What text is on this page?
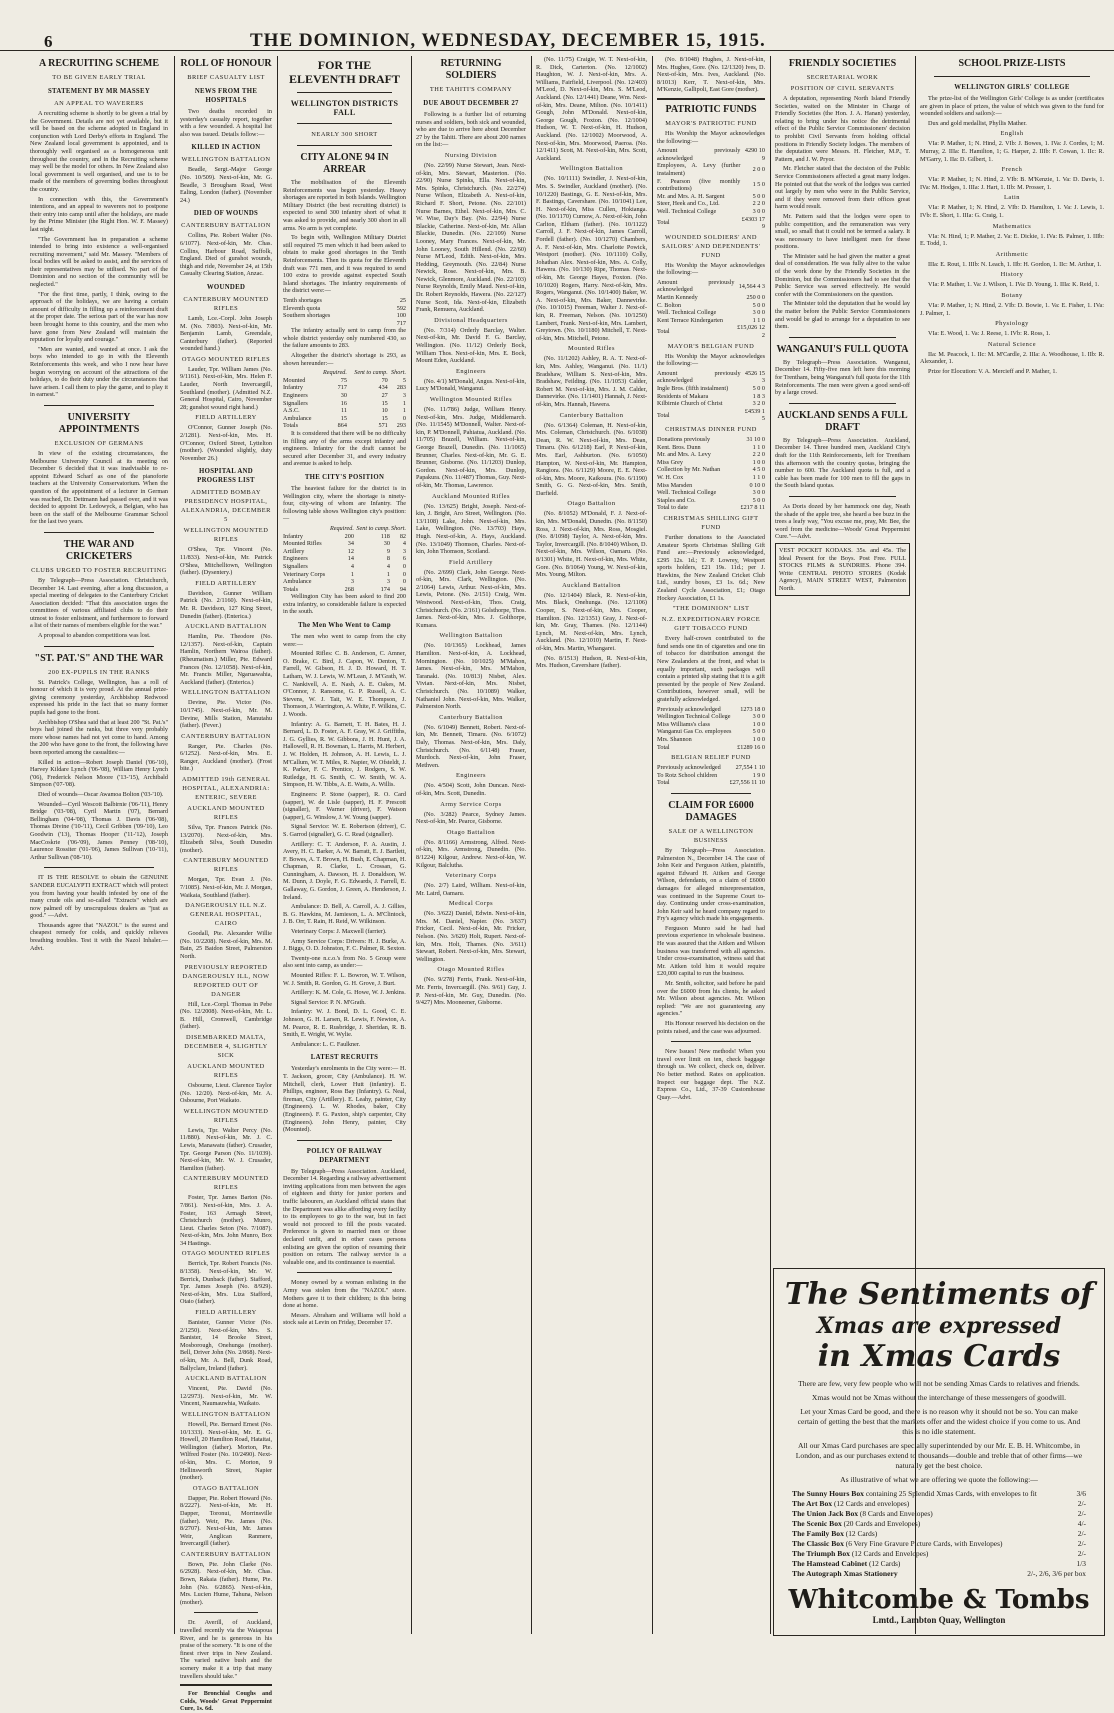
6	THE DOMINION, WEDNESDAY, DECEMBER 15, 1915.
A RECRUITING SCHEME
TO BE GIVEN EARLY TRIAL
STATEMENT BY MR MASSEY
AN APPEAL TO WAVERERS

A recruiting scheme is shortly to be given a trial by the Government. Details are not yet available, but it will be based on the scheme adopted in England in conjunction with Lord Derby's efforts in England. The New Zealand local government is appointed, and is thoroughly well organised as a homogeneous unit throughout the country, and in the Recruiting scheme may well be the model for others. In New Zealand also local government is well organised, and use is to be made of the members of governing bodies throughout the country.

In connection with this, the Government's intentions, and an appeal to waverers not to postpone their entry into camp until after the holidays, are made by the Prime Minister (the Right Hon. W. F. Massey) last night.

"The Government has in preparation a scheme intended to bring into existence a well-organised recruiting movement," said Mr. Massey. "Members of local bodies will be asked to assist, and the services of their representatives may be utilised. No part of the Dominion and no section of the community will be neglected."

"For the first time, partly, I think, owing to the approach of the holidays, we are having a certain amount of difficulty in filling up a reinforcement draft at the proper date. The serious part of the war has now been brought home to this country, and the men who have gone from New Zealand will maintain the reputation for loyalty and courage."

"Men are wanted, and wanted at once. I ask the boys who intended to go in with the Eleventh Reinforcements this week, and who I now hear have begun worrying on account of the attractions of the holidays, to do their duty under the circumstances that have arisen. I call them to play the game, and to play it in earnest."

UNIVERSITY APPOINTMENTS
EXCLUSION OF GERMANS

In view of the existing circumstances, the Melbourne University Council at its meeting on December 6 decided that it was inadvisable to re-appoint Edward Scharf as one of the pianoforte teachers at the University Conservatorium. When the question of the appointment of a lecturer in German was reached, Dr. Dettmann had passed over, and it was decided to appoint Dr. Ledowyck, a Belgian, who has been on the staff of the Melbourne Grammar School for the last two years.

THE WAR AND CRICKETERS
CLUBS URGED TO FOSTER RECRUITING

By Telegraph—Press Association. Christchurch, December 14. Last evening, after a long discussion, a special meeting of delegates to the Canterbury Cricket Association decided: "That this association urges the committees of various affiliated clubs to do their utmost to foster enlistment, and furthermore to forward a list of their names of members eligible for the war."

A proposal to abandon competitions was lost.

"ST. PAT.'S" AND THE WAR
200 EX-PUPILS IN THE RANKS

St. Patrick's College, Wellington, has a roll of honour of which it is very proud. At the annual prize-giving ceremony yesterday, Archbishop Redwood expressed his pride in the fact that so many former pupils had gone to the front.

Archbishop O'Shea said that at least 200 "St. Pat.'s" boys had joined the ranks, but three very probably more whose names had not yet come to hand. Among the 200 who have gone to the front, the following have been reported among the casualties:—

Killed in action—Robert Joseph Daniel ('06-'10), Harvey Kildare Lynch ('06-'08), William Henry Lynch ('06), Frederick Nelson Moore ('13-'15), Archibald Simpson ('07-'08).

Died of wounds—Oscar Awamoa Bolton ('03-'10).

Wounded—Cyril Wescott Balbirnie ('06-'11), Henry Bridge ('03-'08), Cyril Martin ('07), Bernard Bellingham ('04-'08), Thomas J. Davis ('06-'08), Thomas Divine ('10-'11), Cecil Gribben ('09-'10), Leo Goodwin ('13), Thomas Hooper ('11-'12), Joseph MacCoskrie ('06-'09), James Penney ('08-'10), Laurence Rossiter ('01-'06), James Sullivan ('10-'11), Arthur Sullivan ('08-'10).

IT IS THE RESOLVE to obtain the GENUINE SANDER EUCALYPTI EXTRACT which will protect you from having your health infested by one of the many crude oils and so-called "Extracts" which are now palmed off by unscrupulous dealers as "just as good." —Advt.

Thousands agree that "NAZOL" is the surest and cheapest remedy for colds, and quickly relieves breathing troubles. Test it with the Nazol Inhaler.—Advt.

ROLL OF HONOUR
BRIEF CASUALTY LIST
NEWS FROM THE HOSPITALS

Two deaths recorded in yesterday's casualty report, together with a few wounded. A hospital list also was issued. Details follow:—

KILLED IN ACTION
WELLINGTON BATTALION

Beadle, Sergt.-Major George (No. 10/509). Next-of-kin, Mr. G. Beadle, 3 Brougham Road, West Ealing, London (father). (November 24.)

DIED OF WOUNDS
CANTERBURY BATTALION

Collins, Pte. Robert Walter (No. 6/1077). Next-of-kin, Mr. Chas. Collins, Harbour Road, Suffolk, England. Died of gunshot wounds, thigh and ride, November 24, at 15th Casualty Clearing Station, Anzac.

WOUNDED
CANTERBURY MOUNTED RIFLES

Lamb, Lce.-Corpl. John Joseph M. (No. 7/803). Next-of-kin, Mr. Benjamin Lamb, Greendale, Canterbury (father). (Reported wounded hand.)

OTAGO MOUNTED RIFLES

Lauder, Tpr. William James (No. 9/1161). Next-of-kin, Mrs. Helen F. Lauder, North Invercargill, Southland (mother). (Admitted N.Z. General Hospital, Cairo, November 28; gunshot wound right hand.)

FIELD ARTILLERY

O'Connor, Gunner Joseph (No. 2/1281). Next-of-kin, Mrs. H. O'Connor, Oxford Street, Lyttelton (mother). (Wounded slightly, duty November 26.)

HOSPITAL AND PROGRESS LIST
ADMITTED BOMBAY PRESIDENCY HOSPITAL, ALEXANDRIA, DECEMBER 5
WELLINGTON MOUNTED RIFLES

O'Shea, Tpr. Vincent (No. 11/833). Next-of-kin, Mr. Patrick O'Shea, Mitchelltown, Wellington (father). (Dysentery.)

FIELD ARTILLERY

Davidson, Gunner William Patrick (No. 2/1160). Next-of-kin, Mr. R. Davidson, 127 King Street, Dunedin (father). (Enterica.)

AUCKLAND BATTALION

Hamlin, Pte. Theodore (No. 12/1357). Next-of-kin, Captain Hamlin, Northern Wairoa (father). (Rheumatism.) Miller, Pte. Edward Frances (No. 12/1058). Next-of-kin, Mr. Francis Miller, Ngaruawahia, Auckland (father). (Enterica.)

WELLINGTON BATTALION

Devine, Pte. Victor (No. 10/1745). Next-of-kin, Mr. M. Devine, Mills Station, Manutahu (father). (Fever.)

CANTERBURY BATTALION

Ranger, Pte. Charles (No. 6/1252). Next-of-kin, Mrs. E. Ranger, Auckland (mother). (Frost bite.)

ADMITTED 19th GENERAL HOSPITAL, ALEXANDRIA: ENTERIC, SEVERE
AUCKLAND MOUNTED RIFLES

Silva, Tpr. Frances Patrick (No. 13/2070). Next-of-kin, Mrs. Elizabeth Silva, South Dunedin (mother).

CANTERBURY MOUNTED RIFLES

Morgan, Tpr. Evan J. (No. 7/1085). Next-of-kin, Mr. J. Morgan, Waikaia, Southland (father).

DANGEROUSLY ILL N.Z. GENERAL HOSPITAL, CAIRO

Goodall, Pte. Alexander Willie (No. 10/2208). Next-of-kin, Mrs. M. Bain, 25 Baidon Street, Palmerston North.

PREVIOUSLY REPORTED DANGEROUSLY ILL, NOW REPORTED OUT OF DANGER

Hill, Lce.-Corpl. Thomas in Pebe (No. 12/2008). Next-of-kin, Mr. L. B. Hill, Cromwell, Cambridge (father).

DISEMBARKED MALTA, DECEMBER 4, SLIGHTLY SICK
AUCKLAND MOUNTED RIFLES

Osbourne, Lieut. Clarence Taylor (No. 12/20). Next-of-kin, Mr. A. Osbourne, Port Waikato.

WELLINGTON MOUNTED RIFLES

Lewis, Tpr. Walter Percy (No. 11/880). Next-of-kin, Mr. J. C. Lewis, Manawatu (father). Crusader, Tpr. George Parson (No. 11/1039). Next-of-kin, Mr. W. J. Crusader, Hamilton (father).

CANTERBURY MOUNTED RIFLES

Foster, Tpr. James Barton (No. 7/861). Next-of-kin, Mrs. J. A. Foster, 163 Armagh Street, Christchurch (mother). Munro, Lieut. Charles Seton (No. 7/1087). Next-of-kin, Mrs. John Munro, Box 34 Hastings.

OTAGO MOUNTED RIFLES

Berrick, Tpr. Robert Francis (No. 8/1358). Next-of-kin, Mr. W. Berrick, Dunback (father). Stafford, Tpr. James Joseph (No. 8/929). Next-of-kin, Mrs. Liza Stafford, Otaio (father).

FIELD ARTILLERY

Banister, Gunner Victor (No. 2/1250). Next-of-kin, Mrs. S. Banister, 14 Brooke Street, Mosborough, Onehunga (mother). Bell, Driver John (No. 2/868). Next-of-kin, Mr. A. Bell, Dunk Road, Ballyclare, Ireland (father).

AUCKLAND BATTALION

Vincent, Pte. David (No. 12/2973). Next-of-kin, Mr. W. Vincent, Naumauwhia, Waikato.

WELLINGTON BATTALION

Howell, Pte. Bernard Ernest (No. 10/1333). Next-of-kin, Mr. E. G. Howell, 20 Hamilton Road, Hataitai, Wellington (father). Morton, Pte. Wilfred Foster (No. 10/2490). Next-of-kin, Mrs. C. Morton, 9 Hellinsworth Street, Napier (mother).

OTAGO BATTALION

Dapper, Pte. Robert Howard (No. 8/2227). Next-of-kin, Mr. H. Dapper, Toronui, Morrinsville (father). Weir, Pte. James (No. 8/2707). Next-of-kin, Mr. James Weir, Anglican Ranmere, Invercargill (father).

CANTERBURY BATTALION

Bown, Pte. John Clarke (No. 6/2928). Next-of-kin, Mr. Chas. Bown, Rakaia (father). Hume, Pte. John (No. 6/2865). Next-of-kin, Mrs. Lucien Hume, Tahuna, Nelson (mother).

Dr. Averill, of Auckland, travelled recently via the Waiapoua River, and he is generous in his praise of the scenery. "It is one of the finest river trips in New Zealand. The varied native bush and the scenery make it a trip that many travellers should take."

For Bronchial Coughs and Colds, Woods' Great Peppermint Cure, 1s. 6d.

FOR THE ELEVENTH DRAFT
WELLINGTON DISTRICTS FALL
NEARLY 300 SHORT
CITY ALONE 94 IN ARREAR

The mobilisation of the Eleventh Reinforcements was begun yesterday. Heavy shortages are reported in both Islands. Wellington Military District (the best recruiting district) is expected to send 300 infantry short of what it was asked to provide, and nearly 300 short in all arms. No arm is yet complete.

To begin with, Wellington Military District still required 75 men which it had been asked to obtain to make good shortages in the Tenth Reinforcements. Then its quota for the Eleventh draft was 771 men, and it was required to send 100 extra to provide against expected South Island shortages. The infantry requirements of the district were:—

Tenth shortages	25
Eleventh quota	592
Southern shortages	100
	717

The infantry actually sent to camp from the whole district yesterday only numbered 430, so the failure amounts to 283.

Altogether the district's shortage is 293, as shown hereunder:—

	Required.	Sent to camp.	Short.
Mounted	75	70	5
Infantry	717	434	283
Engineers	30	27	3
Signallers	16	15	1
A.S.C.	11	10	1
Ambulance	15	15	0
Totals	864	571	293

It is considered that there will be no difficulty in filling any of the arms except infantry and engineers. Infantry for the draft cannot be secured after December 31, and every industry and avenue is asked to help.

THE CITY'S POSITION

The heaviest failure for the district is in Wellington city, where the shortage is ninety-four, city-wing of whom are Infantry. The following table shows Wellington city's position:—

	Required.	Sent to camp.	Short.
Infantry	200	118	82
Mounted Rifles	34	30	4
Artillery	12	9	3
Engineers	14	8	6
Signallers	4	4	0
Veterinary Corps	1	1	0
Ambulance	3	3	0
Totals	268	174	94

Wellington City has been asked to find 200 extra infantry, so considerable failure is expected in the south.

The Men Who Went to Camp

The men who went to camp from the city were:—

Mounted Rifles: C. B. Anderson, C. Amner, O. Brake, C. Bird, J. Capon, W. Denton, T. Farrell, W. Gibson, H. J. D. Howard, H. T. Latham, W. J. Lewis, W. M'Lean, J. M'Grath, W. C. Nankivell, A. E. Nash, A. E. Oakes, M. O'Connor, J. Ransome, G. P. Russell, A. C. Stevens, W. J. Tait, W. E. Thompson, J. Thomson, J. Warrington, A. White, F. Wilkins, C. J. Woods.

Infantry: A. G. Barnett, T. H. Bates, H. J. Bernard, L. D. Foster, A. F. Gray, W. J. Griffiths, J. G. Gyllies, R. W. Gibbons, J. H. Hunt, J. A. Hallowell, R. H. Bowman, L. Harris, M. Herbert, J. W. Holden, H. Johnson, A. H. Lewis, L. J. M'Callum, W. T. Miles, R. Napier, W. Ofsteldt, J. K. Parker, F. C. Prentice, J. Rodgers, S. W. Rutledge, H. G. Smith, C. W. Smith, W. A. Simpson, H. W. Tibbs, A. E. Watts, A. Willis.

Engineers: P. Stone (sapper), R. O. Card (sapper), W. de Lisle (sapper), H. F. Prescott (signaller), F. Warner (driver), F. Watson (sapper), G. Winslow, J. W. Young (sapper).

Signal Service: W. E. Robertson (driver), C. S. Garrod (signaller), G. C. Read (signaller).

Artillery: C. T. Anderson, F. A. Austin, J. Avery, H. C. Barker, A. W. Barratt, E. J. Bartlett, F. Bowes, A. T. Brown, H. Bush, E. Chapman, H. Chapman, R. Clarke, L. Crossan, G. Cunningham, A. Dawson, H. J. Donaldson, W. M. Dunn, J. Doyle, F. G. Edwards, J. Farrell, E. Gallaway, G. Gordon, J. Green, A. Henderson, J. Ireland.

Ambulance: D. Bell, A. Carroll, A. J. Gillies, B. G. Hawkins, M. Jamieson, L. A. M'Clintock, J. B. Orr, T. Rain, H. Reid, W. Wilkinson.

Veterinary Corps: J. Maxwell (farrier).

Army Service Corps: Drivers: H. J. Burke, A. J. Biggs, O. D. Johnston, F. C. Palmer, R. Sexton.

Twenty-one n.c.o.'s from No. 5 Group were also sent into camp, as under:—

Mounted Rifles: F. L. Bowron, W. T. Wilson, W. J. Smith, R. Gordon, G. H. Grove, J. Burt.

Artillery: K. M. Cole, G. Howe, W. J. Jenkins.

Signal Service: P. N. M'Grath.

Infantry: W. J. Bond, D. L. Good, C. E. Johnson, G. H. Larsen, R. Lewis, F. Newton, A. M. Pearce, R. E. Rusbridge, J. Sheridan, R. B. Smith, E. Wright, W. Wylie.

Ambulance: L. C. Faulkner.

LATEST RECRUITS

Yesterday's enrolments in the City were:— H. T. Jackson, grocer, City (Ambulance). H. W. Mitchell, clerk, Lower Hutt (infantry). E. Phillips, engineer, Ross Bay (Infantry). G. Neal, fireman, City (Artillery). E. Leahy, painter, City (Engineers). L. W. Rhodes, baker, City (Engineers). F. G. Paxton, ship's carpenter, City (Engineers). John Henry, painter, City (Mounted).

POLICY OF RAILWAY DEPARTMENT

By Telegraph—Press Association. Auckland, December 14. Regarding a railway advertisement inviting applications from men between the ages of eighteen and thirty for junior porters and traffic labourers, an Auckland official states that the Department was alike affording every facility to its employees to go to the war, but in fact would not proceed to fill the posts vacated. Preference is given to married men or those declared unfit, and in other cases persons enlisting are given the option of resuming their position on return. The railway service is a valuable one, and its continuance is essential.

Money owned by a woman enlisting in the Army was stolen from the "NAZOL" store. Mothers gave it to their children; is this being done at home.

Messrs. Abraham and Williams will hold a stock sale at Levin on Friday, December 17.

RETURNING SOLDIERS
THE TAHITI'S COMPANY
DUE ABOUT DECEMBER 27

Following is a further list of returning nurses and soldiers, both sick and wounded, who are due to arrive here about December 27 by the Tahiti. There are about 200 names on the list:—

Nursing Division

(No. 22/99) Nurse Stewart, Jean. Next-of-kin, Mrs. Stewart, Masterton. (No. 22/90) Nurse Spinks, Ella. Next-of-kin, Mrs. Spinks, Christchurch. (No. 22/274) Nurse Wilson, Elizabeth A. Next-of-kin, Richard F. Short, Petone. (No. 22/101) Nurse Barnes, Ethel. Next-of-kin, Mrs. C. W. Wise, Day's Bay. (No. 22/94) Nurse Blackie, Catherine. Next-of-kin, Mr. Allan Blackie, Dunedin. (No. 22/109) Nurse Looney, Mary Frances. Next-of-kin, Mr. John Looney, South Hillend. (No. 22/60) Nurse M'Leod, Edith. Next-of-kin, Mrs. Hedding, Greymouth. (No. 22/84) Nurse Newick, Rose. Next-of-kin, Mrs. B. Newick, Glenmore, Auckland. (No. 22/103) Nurse Reynolds, Emily Maud. Next-of-kin, Dr. Robert Reynolds, Hawera. (No. 22/127) Nurse Scott, Ida. Next-of-kin, Elizabeth Frank, Remuera, Auckland.

Divisional Headquarters

(No. 7/314) Orderly Barclay, Walter. Next-of-kin, Mr. David F. G. Barclay, Wellington. (No. 11/12) Orderly Bock, William Thos. Next-of-kin, Mrs. E. Bock, Mount Eden, Auckland.

Engineers

(No. 4/1) M'Donald, Angus. Next-of-kin, Lucy M'Donald, Wanganui.

Wellington Mounted Rifles

(No. 11/786) Judge, William Henry. Next-of-kin, Mrs. Judge, Middlemarch. (No. 11/1545) M'Donnell, Walter. Next-of-kin, P. M'Donnell, Pahiatua, Auckland. (No. 11/705) Brazell, William. Next-of-kin, George Brazell, Dunedin. (No. 11/1065) Brunner, Charles. Next-of-kin, Mr. G. E. Brunner, Gisborne. (No. 11/1203) Dunlop, Gordon. Next-of-kin, Mrs. Dunlop, Papakura. (No. 11/487) Thomas, Guy. Next-of-kin, Mr. Thomas, Lawrence.

Auckland Mounted Rifles

(No. 13/625) Bright, Joseph. Next-of-kin, J. Bright, Aro Street, Wellington. (No. 13/1108) Lake, John. Next-of-kin, Mrs. Lake, Wellington. (No. 13/703) Hays, Hugh. Next-of-kin, A. Hays, Auckland. (No. 13/1049) Thomson, Charles. Next-of-kin, John Thomson, Scotland.

Field Artillery

(No. 2/699) Clark, John George. Next-of-kin, Mrs. Clark, Wellington. (No. 2/1064) Lewis, Arthur. Next-of-kin, Mrs. Lewis, Petone. (No. 2/151) Craig, Wm. Westwood. Next-of-kin, Thos. Craig, Christchurch. (No. 2/161) Golsthorpe, Thos. James. Next-of-kin, Mrs. J. Golthorpe, Kumara.

Wellington Battalion

(No. 10/1365) Lockhead, James Hamilton. Next-of-kin, A. Lockhead, Mornington. (No. 10/1025) M'Mahon, James. Next-of-kin, Mrs. M'Mahon, Taranaki. (No. 10/813) Nisbet, Alex. Vivian. Next-of-kin, Mrs. Nisbet, Christchurch. (No. 10/1089) Walker, Nathaniel John. Next-of-kin, Mrs. Walker, Palmerston North.

Canterbury Battalion

(No. 6/1049) Bennett, Robert. Next-of-kin, Mr. Bennett, Timaru. (No. 6/1072) Daly, Thomas. Next-of-kin, Mrs. Daly, Christchurch. (No. 6/1148) Fraser, Murdoch. Next-of-kin, John Fraser, Methven.

Engineers

(No. 4/504) Scott, John Duncan. Next-of-kin, Mrs. Scott, Dunedin.

Army Service Corps

(No. 3/282) Pearce, Sydney James. Next-of-kin, Mr. Pearce, Gisborne.

Otago Battalion

(No. 8/1166) Armstrong, Alfred. Next-of-kin, Mrs. Armstrong, Dunedin. (No. 8/1224) Kilgour, Andrew. Next-of-kin, W. Kilgour, Balclutha.

Veterinary Corps

(No. 2/7) Laird, William. Next-of-kin, Mr. Laird, Oamaru.

Medical Corps

(No. 3/622) Daniel, Edwin. Next-of-kin, Mrs. M. Daniel, Napier. (No. 3/637) Fricker, Cecil. Next-of-kin, Mr. Fricker, Nelson. (No. 3/620) Holt, Rupert. Next-of-kin, Mrs. Holt, Thames. (No. 3/611) Stewart, Robert. Next-of-kin, Mrs. Stewart, Wellington.

Otago Mounted Rifles

(No. 9/278) Ferris, Frank. Next-of-kin, Mr. Ferris, Invercargill. (No. 9/61) Guy, J. P. Next-of-kin, Mr. Guy, Dunedin. (No. 9/427) Mrs. Mooneener, Gisborne.

(No. 11/75) Craigie, W. T. Next-of-kin, R. Dick, Carterton. (No. 12/1002) Haughton, W. J. Next-of-kin, Mrs. A. Williams, Fairfield, Liverpool. (No. 12/403) M'Leod, D. Next-of-kin, Mrs. S. M'Leod, Auckland. (No. 12/1441) Deane, Wm. Next-of-kin, Mrs. Deane, Milton. (No. 10/1411) Gough, John M'Donald. Next-of-kin, George Gough, Foxton. (No. 12/1004) Hudson, W. T. Next-of-kin, H. Hudson, Auckland. (No. 12/1002) Moorwood, A. Next-of-kin, Mrs. Moorwood, Paeroa. (No. 12/1411) Scott, M. Next-of-kin, Mrs. Scott, Auckland.

Wellington Battalion

(No. 10/1111) Swindler, J. Next-of-kin, Mrs. S. Swindler, Auckland (mother). (No. 10/1220) Bastings, G. E. Next-of-kin, Mrs. F. Bastings, Cavershare. (No. 10/1041) Lee, H. Next-of-kin, Miss Cullen, Hokianga. (No. 10/1170) Curnow, A. Next-of-kin, John Carlton, Eltham (father). (No. 10/1122) Carroll, J. F. Next-of-kin, James Carroll, Fordell (father). (No. 10/1270) Chambers, A. F. Next-of-kin, Mrs. Charlotte Powick, Westport (mother). (No. 10/1110) Colly, Johathan Alex. Next-of-kin, Mrs. A. Colly, Hawera. (No. 10/130) Ripe, Thomas. Next-of-kin, Mr. George Hayes, Foxton. (No. 10/1020) Rogers, Harry. Next-of-kin, Mrs. Rogers, Wanganui. (No. 10/1400) Baker, W. A. Next-of-kin, Mrs. Baker, Dannevirke. (No. 10/1015) Freeman, Walter J. Next-of-kin, R. Freeman, Nelson. (No. 10/1250) Lambert, Frank. Next-of-kin, Mrs. Lambert, Greytown. (No. 10/1180) Mitchell, T. Next-of-kin, Mrs. Mitchell, Petone.

Mounted Rifles

(No. 11/1202) Ashley, R. A. T. Next-of-kin, Mrs. Ashley, Wanganui. (No. 11/1) Bradshaw, William S. Next-of-kin, Mrs. Bradshaw, Feilding. (No. 11/1053) Calder, Robert M. Next-of-kin, Mrs. J. M. Calder, Dannevirke. (No. 11/1401) Hannah, J. Next-of-kin, Mrs. Hannah, Hawera.

Canterbury Battalion

(No. 6/1364) Coleman, H. Next-of-kin, Mrs. Coleman, Christchurch. (No. 6/1038) Dean, R. W. Next-of-kin, Mrs. Dean, Timaru. (No. 6/1218) Earl, P. Next-of-kin, Mrs. Earl, Ashburton. (No. 6/1050) Hampton, W. Next-of-kin, Mr. Hampton, Rangiora. (No. 6/1129) Moore, E. E. Next-of-kin, Mrs. Moore, Kaikoura. (No. 6/1190) Smith, G. G. Next-of-kin, Mrs. Smith, Darfield.

Otago Battalion

(No. 8/1052) M'Donald, F. J. Next-of-kin, Mrs. M'Donald, Dunedin. (No. 8/1150) Ross, J. Next-of-kin, Mrs. Ross, Mosgiel. (No. 8/1098) Taylor, A. Next-of-kin, Mrs. Taylor, Invercargill. (No. 8/1040) Wilson, D. Next-of-kin, Mrs. Wilson, Oamaru. (No. 8/1301) White, H. Next-of-kin, Mrs. White, Gore. (No. 8/1064) Young, W. Next-of-kin, Mrs. Young, Milton.

Auckland Battalion

(No. 12/1404) Black, R. Next-of-kin, Mrs. Black, Onehunga. (No. 12/1106) Cooper, S. Next-of-kin, Mrs. Cooper, Hamilton. (No. 12/1351) Gray, J. Next-of-kin, Mr. Gray, Thames. (No. 12/1144) Lynch, M. Next-of-kin, Mrs. Lynch, Auckland. (No. 12/1010) Martin, F. Next-of-kin, Mrs. Martin, Whangarei.

(No. 8/1513) Hudson, R. Next-of-kin, Mrs. Hudson, Cavershare (father).

(No. 8/1048) Hughes, J. Next-of-kin, Mrs. Hughes, Gore. (No. 12/1320) Ives, D. Next-of-kin, Mrs. Ives, Auckland. (No. 8/1013) Kerr, T. Next-of-kin, Mrs. M'Kenzie, Gallipoli, East Gore (mother).

PATRIOTIC FUNDS
MAYOR'S PATRIOTIC FUND

His Worship the Mayor acknowledges the following:—

Amount previously acknowledged	4290 10 9
Employees, A. Levy (further instalment)	2 0 0
F. Pearson (five monthly contributions)	1 5 0
Mr. and Mrs. A. H. Sargent	5 0 0
Steer, Heek and Co., Ltd.	2 2 0
Well. Technical College	3 0 0
Total	£4303 17 9
WOUNDED SOLDIERS' AND SAILORS' AND DEPENDENTS' FUND

His Worship the Mayor acknowledges the following:—

Amount previously acknowledged	14,564 4 3
Martin Kennedy	250 0 0
C. Bolton	5 0 0
Well. Technical College	3 0 0
Kent Terrace Kindergarten	1 1 0
Total	£15,026 12 2
MAYOR'S BELGIAN FUND

His Worship the Mayor acknowledges the following:—

Amount previously acknowledged	4526 15 3
Ingle Bros. (fifth instalment)	5 0 0
Residents of Makara	1 8 3
Kilbirnie Church of Christ	3 2 0
Total	£4539 1 5
CHRISTMAS DINNER FUND
Donations previously	31 10 0
Kent. Bros. Dunn	1 1 0
Mr. and Mrs. A. Levy	2 2 0
Miss Grey	1 0 0
Collection by Mr. Nathan	4 5 0
W. H. Cox	1 1 0
Miss Marsden	0 10 0
Well. Technical College	3 0 0
Staples and Co.	5 0 0
Total to date	£217 8 11
CHRISTMAS SHILLING GIFT FUND

Further donations to the Associated Amateur Sports Christmas Shilling Gift Fund are:—Previously acknowledged, £295 12s. 1d.; T. P. Lowrey, Westport sports holders, £21 19s. 11d.; per J. Hawkins, the New Zealand Cricket Club Ltd., sundry boxes, £3 1s. 6d.; New Zealand Cycle Association, £1; Otago Hockey Association, £1 1s.

"THE DOMINION" LIST
N.Z. EXPEDITIONARY FORCE GIFT TOBACCO FUND

Every half-crown contributed to the fund sends one tin of cigarettes and one tin of tobacco for distribution amongst the New Zealanders at the front, and what is equally important, such packages will contain a printed slip stating that it is a gift presented by the people of New Zealand. Contributions, however small, will be gratefully acknowledged.

Previously acknowledged	1273 18 0
Wellington Technical College	3 0 0
Miss Williams's class	1 0 0
Wanganui Gas Co. employees	5 0 0
Mrs. Shannon	1 0 0
Total	£1289 16 0
BELGIAN RELIEF FUND
Previously acknowledged	27,554 1 10
To Rotz School children	1 9 0
Total	£27,556 11 10
CLAIM FOR £6000 DAMAGES
SALE OF A WELLINGTON BUSINESS

By Telegraph—Press Association. Palmerston N., December 14. The case of John Keir and Ferguson Aitken, plaintiffs, against Edward H. Aitken and George Wilson, defendants, on a claim of £6000 damages for alleged misrepresentation, was continued in the Supreme Court to-day. Continuing under cross-examination, John Keir said he heard company regard to Fry's agency which made his engagements.

Ferguson Munro said he had had previous experience in wholesale business. He was assured that the Aitken and Wilson business was transferred with all agencies. Under cross-examination, witness said that Mr. Aitken told him it would require £20,000 capital to run the business.

Mr. Smith, solicitor, said before he paid over the £6000 from his clients, he asked Mr. Wilson about agencies. Mr. Wilson replied: "We are not guaranteeing any agencies."

His Honour reserved his decision on the points raised, and the case was adjourned.

New Issues! New methods! When you travel over limit on ten, check baggage through us. We collect, check on, deliver. No better method. Rates on application. Inspect our baggage dept. The N.Z. Express Co., Ltd., 37-39 Customhouse Quay.—Advt.

FRIENDLY SOCIETIES
SECRETARIAL WORK
POSITION OF CIVIL SERVANTS

A deputation, representing North Island Friendly Societies, waited on the Minister in Charge of Friendly Societies (the Hon. J. A. Hanan) yesterday, relating to bring under his notice the detrimental effect of the Public Service Commissioners' decision to prohibit Civil Servants from holding official positions in Friendly Society lodges. The members of the deputation were Messrs. H. Fletcher, M.P., T. Pattern, and J. W. Pryor.

Mr. Fletcher stated that the decision of the Public Service Commissioners affected a great many lodges. He pointed out that the work of the lodges was carried out largely by men who were in the Public Service, and if they were removed from their offices great harm would result.

Mr. Pattern said that the lodges were open to public competition, and the remuneration was very small, so small that it could not be termed a salary. It was necessary to have intelligent men for these positions.

The Minister said he had given the matter a great deal of consideration. He was fully alive to the value of the work done by the Friendly Societies in the Dominion, but the Commissioners had to see that the Public Service was served effectively. He would confer with the Commissioners on the question.

The Minister told the deputation that he would lay the matter before the Public Service Commissioners and would be glad to arrange for a deputation to see them.

WANGANUI'S FULL QUOTA

By Telegraph—Press Association. Wanganui, December 14. Fifty-five men left here this morning for Trentham, being Wanganui's full quota for the 11th Reinforcements. The men were given a good send-off by a large crowd.

AUCKLAND SENDS A FULL DRAFT

By Telegraph—Press Association. Auckland, December 14. Three hundred men, Auckland City's draft for the 11th Reinforcements, left for Trentham this afternoon with the country quotas, bringing the number to 600. The Auckland quota is full, and a cable has been made for 100 men to fill the gaps in the South Island quotas.

As Doris dozed by her hammock one day, Neath the shade of the apple tree, she heard a bee buzz in the trees a leafy way, "You excuse me, pray, Mr. Bee, the word from the medicine—Woods' Great Peppermint Cure."—Advt.

VEST POCKET KODAKS. 35s. and 45s. The Ideal Present for the Boys. Post Free. FULL STOCKS FILMS & SUNDRIES. Phone 394. Write CENTRAL PHOTO STORES (Kodak Agency), MAIN STREET WEST, Palmerston North.
SCHOOL PRIZE-LISTS
WELLINGTON GIRLS' COLLEGE

The prize-list of the Wellington Girls' College is as under (certificates are given in place of prizes, the value of which was given to the fund for wounded soldiers and sailors):—

Dux and gold medallist, Phyllis Mather.

English

VIa: P. Mather, 1; N. Hind, 2. VIb: J. Bowes, 1. IVa: J. Cordes, 1; M. Murray, 2. IIIa: E. Hamilton, 1; G. Harper, 2. IIIb: F. Cowan, 1. IIc: R. M'Garry, 1. IIa: D. Gilbert, 1.

French

VIa: P. Mather, 1; N. Hind, 2. VIb: B. M'Kenzie, 1. Va: D. Davis, 1. IVa: M. Hodges, 1. IIIa: J. Hart, 1. IIb: M. Prosser, 1.

Latin

VIa: P. Mather, 1; N. Hind, 2. VIb: D. Hamilton, 1. Va: J. Lewis, 1. IVb: E. Short, 1. IIIa: G. Craig, 1.

Mathematics

VIa: N. Hind, 1; P. Mather, 2. Va: E. Dickie, 1. IVa: B. Palmer, 1. IIIb: E. Todd, 1.

Arithmetic

IIIa: E. Rout, 1. IIIb: N. Leach, 1. IIb: H. Gordon, 1. IIc: M. Arthur, 1.

History

VIa: P. Mather, 1. Va: J. Wilson, 1. IVa: D. Young, 1. IIIa: K. Reid, 1.

Botany

VIa: P. Mather, 1; N. Hind, 2. VIb: D. Bowie, 1. Va: E. Fisher, 1. IVa: J. Palmer, 1.

Physiology

VIa: E. Wood, 1. Va: J. Reese, 1. IVb: R. Ross, 1.

Natural Science

IIa: M. Peacock, 1. IIc: M. M'Cardle, 2. IIIa: A. Woodhouse, 1. IIb: R. Alexander, 1.

Prize for Elocution: V. A. Mercieff and P. Mather, 1.

The Sentiments of
Xmas are expressed
in Xmas Cards
There are few, very few people who will not be sending Xmas Cards to relatives and friends.
Xmas would not be Xmas without the interchange of these messengers of goodwill.
Let your Xmas Card be good, and there is no reason why it should not be so. You can make certain of getting the best that the markets offer and the widest choice if you come to us. And this is no idle statement.
All our Xmas Card purchases are specially superintended by our Mr. E. B. H. Whitcombe, in London, and as our purchases extend to thousands—double and treble that of other firms—we naturally get the best choice.
As illustrative of what we are offering we quote the following:—
The Sunny Hours Box containing 25 Splendid Xmas Cards, with envelopes to fit	3/6
The Art Box (12 Cards and envelopes)	2/-
The Union Jack Box (8 Cards and Envelopes)	2/-
The Scenic Box (20 Cards and Envelopes)	4/-
The Family Box (12 Cards)	2/-
The Classic Box (6 Very Fine Gravure Picture Cards, with Envelopes)	2/-
The Triumph Box (12 Cards and Envelopes)	2/-
The Hamstead Cabinet (12 Cards)	1/3
The Autograph Xmas Stationery	2/-, 2/6, 3/6 per box
Whitcombe & Tombs
Lmtd., Lambton Quay, Wellington
